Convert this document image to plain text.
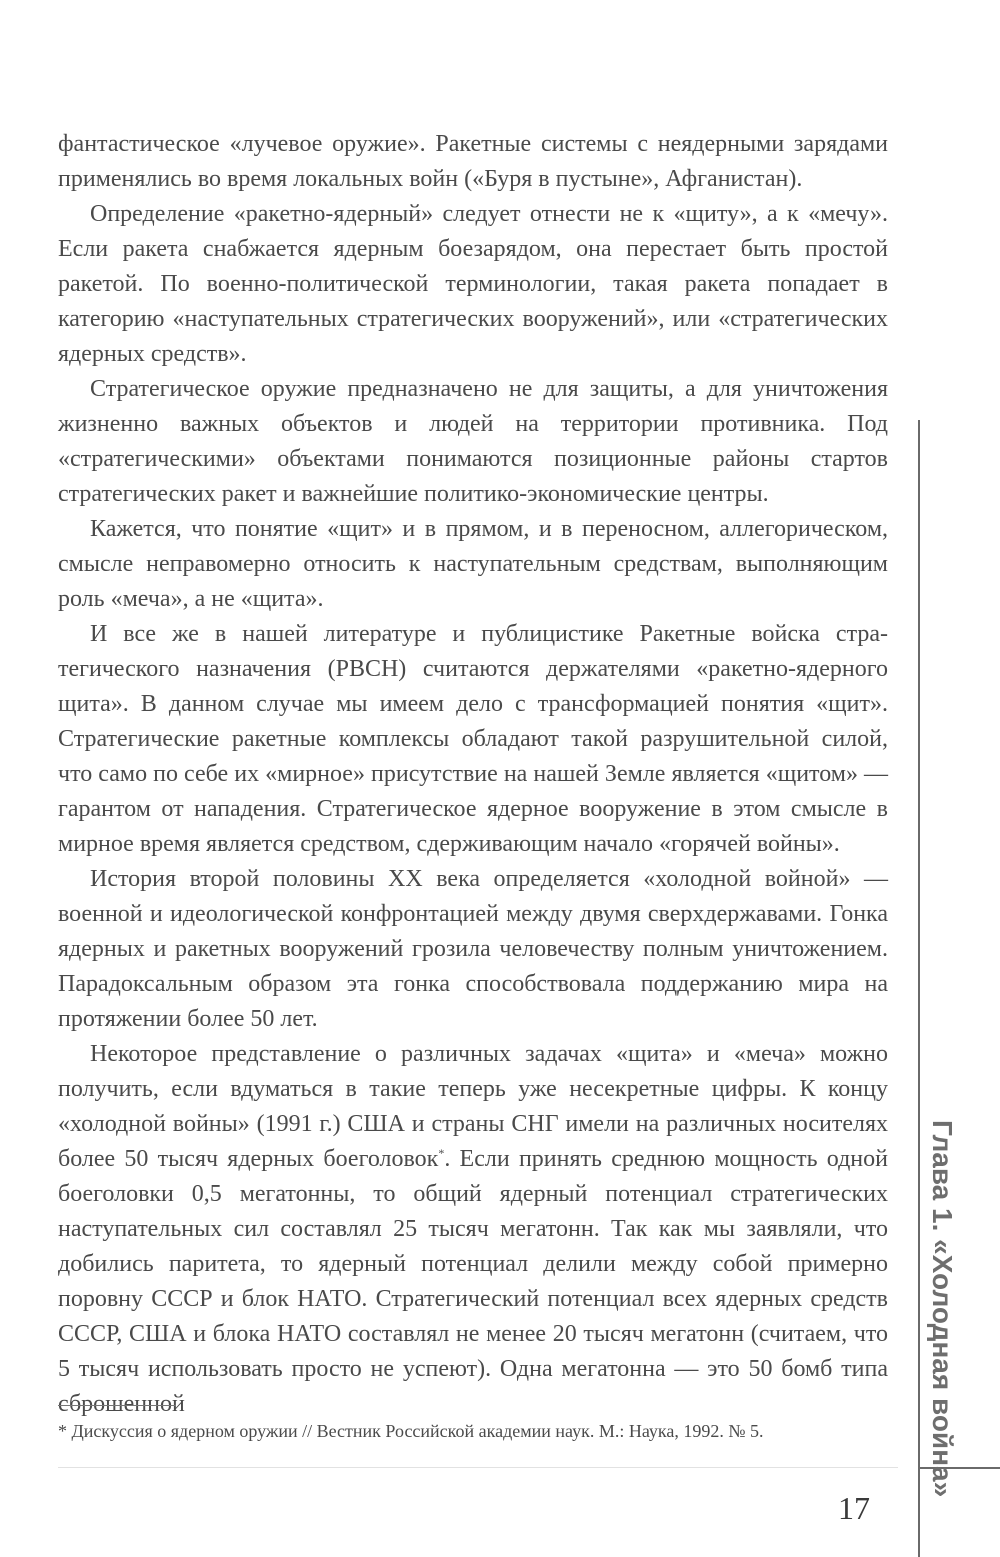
фантастическое «лучевое оружие». Ракетные системы с неядерными зарядами применялись во время локальных войн («Буря в пустыне», Афганистан).

Определение «ракетно-ядерный» следует отнести не к «щиту», а к «мечу». Если ракета снабжается ядерным боезарядом, она перестает быть простой ракетой. По военно-политической терминологии, такая ракета попадает в категорию «наступательных стратегических вооружений», или «стратегических ядерных средств».

Стратегическое оружие предназначено не для защиты, а для уничтожения жизненно важных объектов и людей на территории противника. Под «стратегическими» объектами понимаются позиционные районы стартов стратегических ракет и важнейшие политико-экономические центры.

Кажется, что понятие «щит» и в прямом, и в переносном, аллегорическом, смысле неправомерно относить к наступательным средствам, выполняющим роль «меча», а не «щита».

И все же в нашей литературе и публицистике Ракетные войска стратегического назначения (РВСН) считаются держателями «ракетно-ядерного щита». В данном случае мы имеем дело с трансформацией понятия «щит». Стратегические ракетные комплексы обладают такой разрушительной силой, что само по себе их «мирное» присутствие на нашей Земле является «щитом» — гарантом от нападения. Стратегическое ядерное вооружение в этом смысле в мирное время является средством, сдерживающим начало «горячей войны».

История второй половины XX века определяется «холодной войной» — военной и идеологической конфронтацией между двумя сверхдержавами. Гонка ядерных и ракетных вооружений грозила человечеству полным уничтожением. Парадоксальным образом эта гонка способствовала поддержанию мира на протяжении более 50 лет.

Некоторое представление о различных задачах «щита» и «меча» можно получить, если вдуматься в такие теперь уже несекретные цифры. К концу «холодной войны» (1991 г.) США и страны СНГ имели на различных носителях более 50 тысяч ядерных боеголовок*. Если принять среднюю мощность одной боеголовки 0,5 мегатонны, то общий ядерный потенциал стратегических наступательных сил составлял 25 тысяч мегатонн. Так как мы заявляли, что добились паритета, то ядерный потенциал делили между собой примерно поровну СССР и блок НАТО. Стратегический потенциал всех ядерных средств СССР, США и блока НАТО составлял не менее 20 тысяч мегатонн (считаем, что 5 тысяч использовать просто не успеют). Одна мегатонна — это 50 бомб типа сброшенной

* Дискуссия о ядерном оружии // Вестник Российской академии наук. М.: Наука, 1992. № 5.	Глава 1. «Холодная война»
17
